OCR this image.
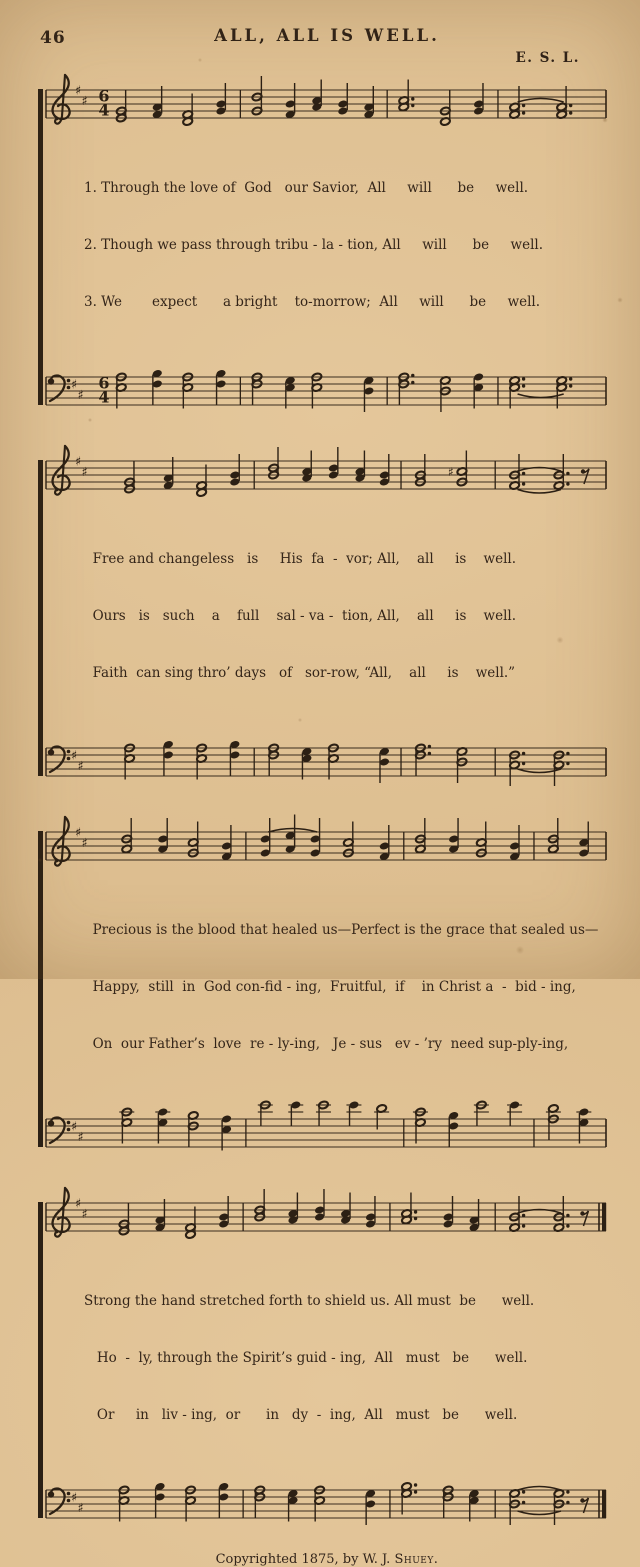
46	ALL, ALL IS WELL.
E. S. L.
♯
♯ 6
4

1. Through the love of  God   our Savior,  All     will      be     well.

2. Though we pass through tribu - la - tion, All     will      be     well.

3. We       expect      a bright    to-morrow;  All     will      be     well.

♯
♯
6
4
♯
♯	♯

Free and changeless   is     His  fa  -  vor; All,    all     is    well.

Ours   is   such    a    full    sal - va -  tion, All,    all     is    well.

Faith  can sing thro’ days   of   sor-row, “All,    all     is    well.”

♯
♯
♯
♯

Precious is the blood that healed us—Perfect is the grace that sealed us—

Happy,  still  in  God con-fid - ing,  Fruitful,  if    in Christ a  -  bid - ing,

On  our Father’s  love  re - ly-ing,   Je - sus   ev - ’ry  need sup-ply-ing,

♯
♯
♯
♯

Strong the hand stretched forth to shield us. All must  be      well.

Ho  -  ly, through the Spirit’s guid - ing,  All   must   be      well.

Or     in   liv - ing,  or      in   dy  -  ing,  All   must   be      well.

♯
♯
Copyrighted 1875, by W. J. Shuey.
